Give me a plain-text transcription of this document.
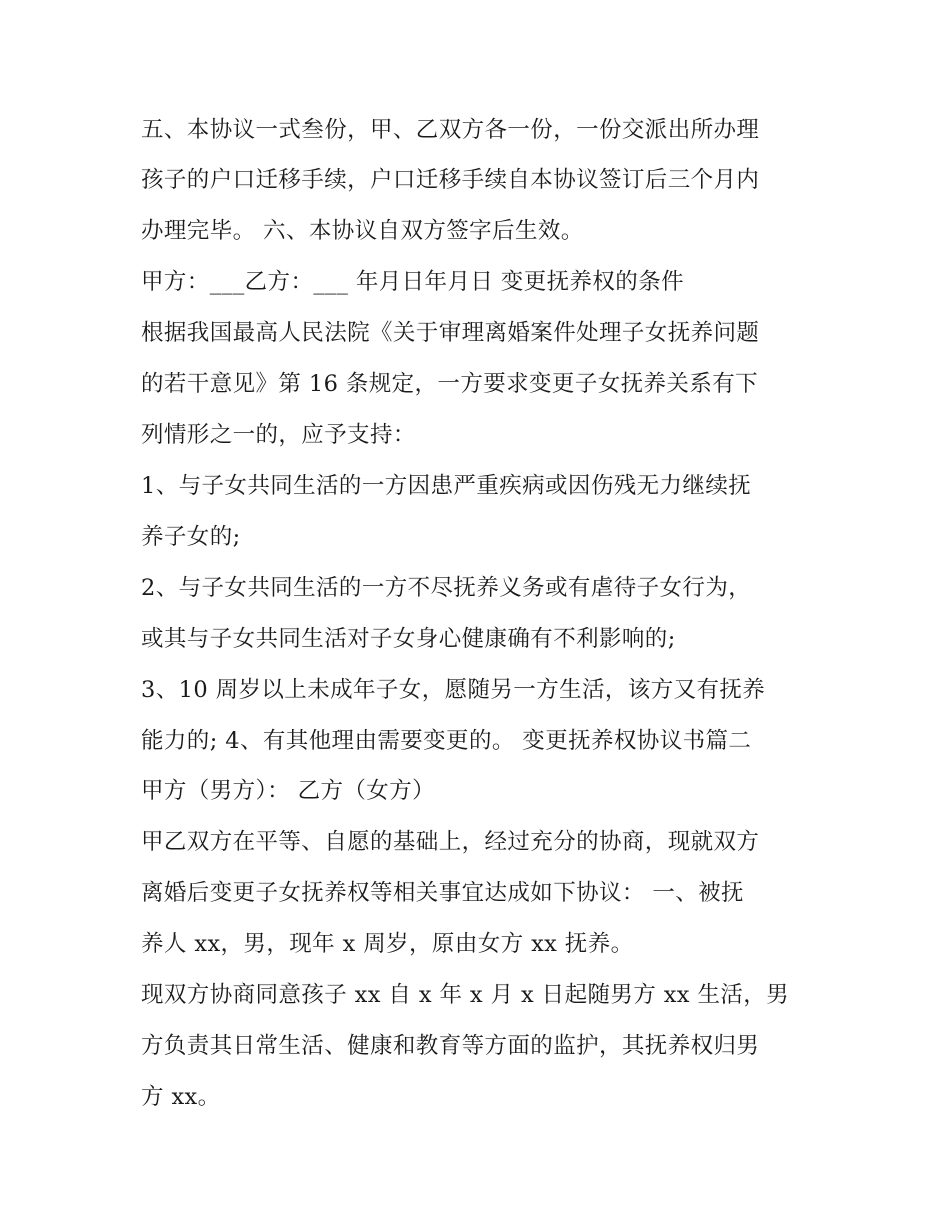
五、本协议一式叁份，甲、乙双方各一份，一份交派出所办理
孩子的户口迁移手续，户口迁移手续自本协议签订后三个月内
办理完毕。 六、本协议自双方签字后生效。
甲方：___乙方：___ 年月日年月日 变更抚养权的条件
根据我国最高人民法院《关于审理离婚案件处理子女抚养问题
的若干意见》第 16 条规定，一方要求变更子女抚养关系有下
列情形之一的，应予支持：
1、与子女共同生活的一方因患严重疾病或因伤残无力继续抚
养子女的;
2、与子女共同生活的一方不尽抚养义务或有虐待子女行为，
或其与子女共同生活对子女身心健康确有不利影响的;
3、10 周岁以上未成年子女，愿随另一方生活，该方又有抚养
能力的; 4、有其他理由需要变更的。 变更抚养权协议书篇二
甲方（男方）： 乙方（女方）
甲乙双方在平等、自愿的基础上，经过充分的协商，现就双方
离婚后变更子女抚养权等相关事宜达成如下协议： 一、被抚
养人 xx，男，现年 x 周岁，原由女方 xx 抚养。
现双方协商同意孩子 xx 自 x 年 x 月 x 日起随男方 xx 生活，男
方负责其日常生活、健康和教育等方面的监护，其抚养权归男
方 xx。
